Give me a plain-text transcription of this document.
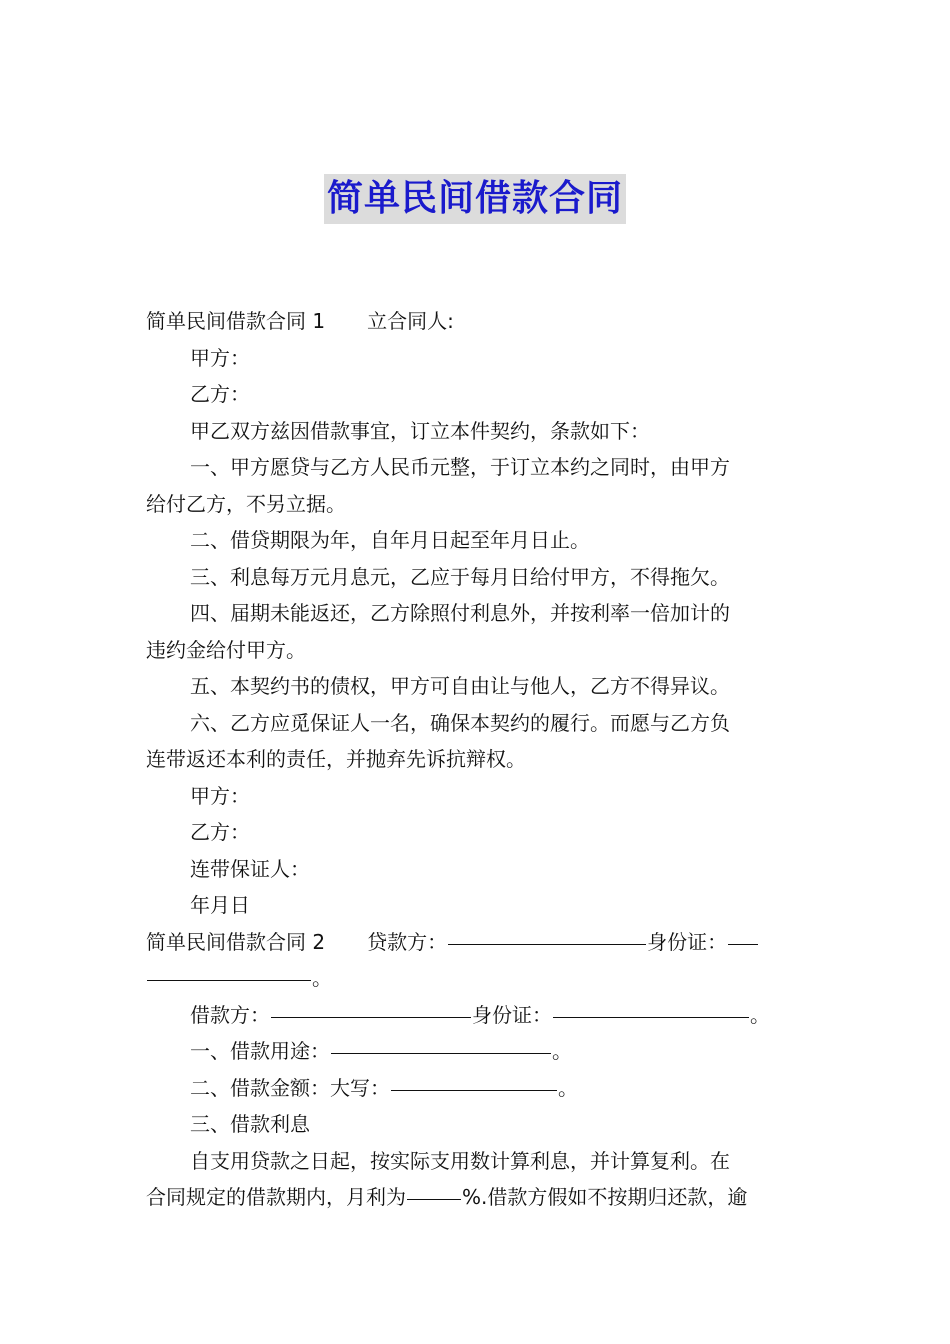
简单民间借款合同

简单民间借款合同 1 立合同人:

甲方：

乙方：

甲乙双方兹因借款事宜，订立本件契约，条款如下：

一、甲方愿贷与乙方人民币元整，于订立本约之同时，由甲方

给付乙方，不另立据。

二、借贷期限为年，自年月日起至年月日止。

三、利息每万元月息元，乙应于每月日给付甲方，不得拖欠。

四、届期未能返还，乙方除照付利息外，并按利率一倍加计的

违约金给付甲方。

五、本契约书的债权，甲方可自由让与他人，乙方不得异议。

六、乙方应觅保证人一名，确保本契约的履行。而愿与乙方负

连带返还本利的责任，并抛弃先诉抗辩权。

甲方：

乙方：

连带保证人：

年月日

简单民间借款合同 2 贷款方：	身份证：

。

借款方：	身份证：	。

一、借款用途：	。

二、借款金额：大写：	。

三、借款利息

自支用贷款之日起，按实际支用数计算利息，并计算复利。在

合同规定的借款期内，月利为	%.借款方假如不按期归还款，逾
